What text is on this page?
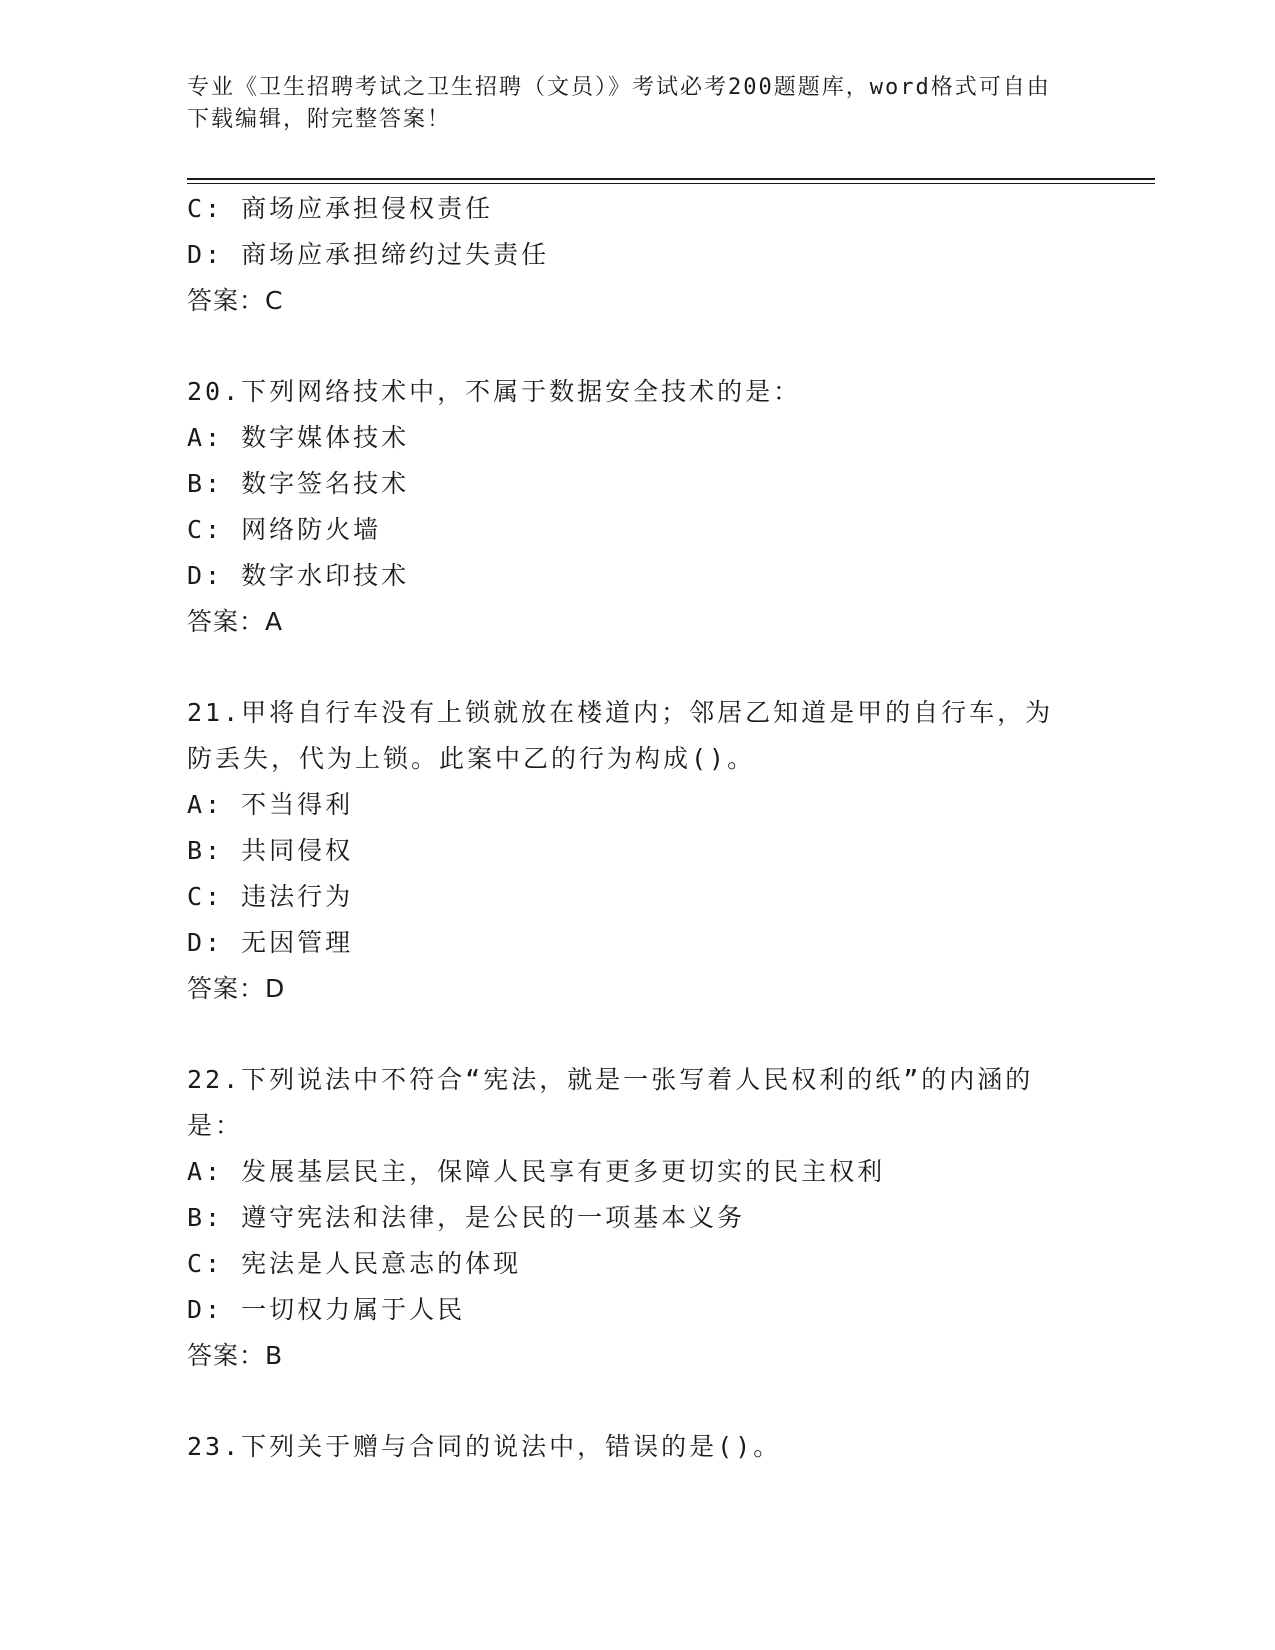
专业《卫生招聘考试之卫生招聘（文员）》考试必考200题题库，word格式可自由下载编辑，附完整答案！
C: 商场应承担侵权责任
D: 商场应承担缔约过失责任
答案：C
20.下列网络技术中，不属于数据安全技术的是：
A: 数字媒体技术
B: 数字签名技术
C: 网络防火墙
D: 数字水印技术
答案：A
21.甲将自行车没有上锁就放在楼道内；邻居乙知道是甲的自行车，为
防丢失，代为上锁。此案中乙的行为构成()。
A: 不当得利
B: 共同侵权
C: 违法行为
D: 无因管理
答案：D
22.下列说法中不符合“宪法，就是一张写着人民权利的纸”的内涵的
是：
A: 发展基层民主，保障人民享有更多更切实的民主权利
B: 遵守宪法和法律，是公民的一项基本义务
C: 宪法是人民意志的体现
D: 一切权力属于人民
答案：B
23.下列关于赠与合同的说法中，错误的是()。
